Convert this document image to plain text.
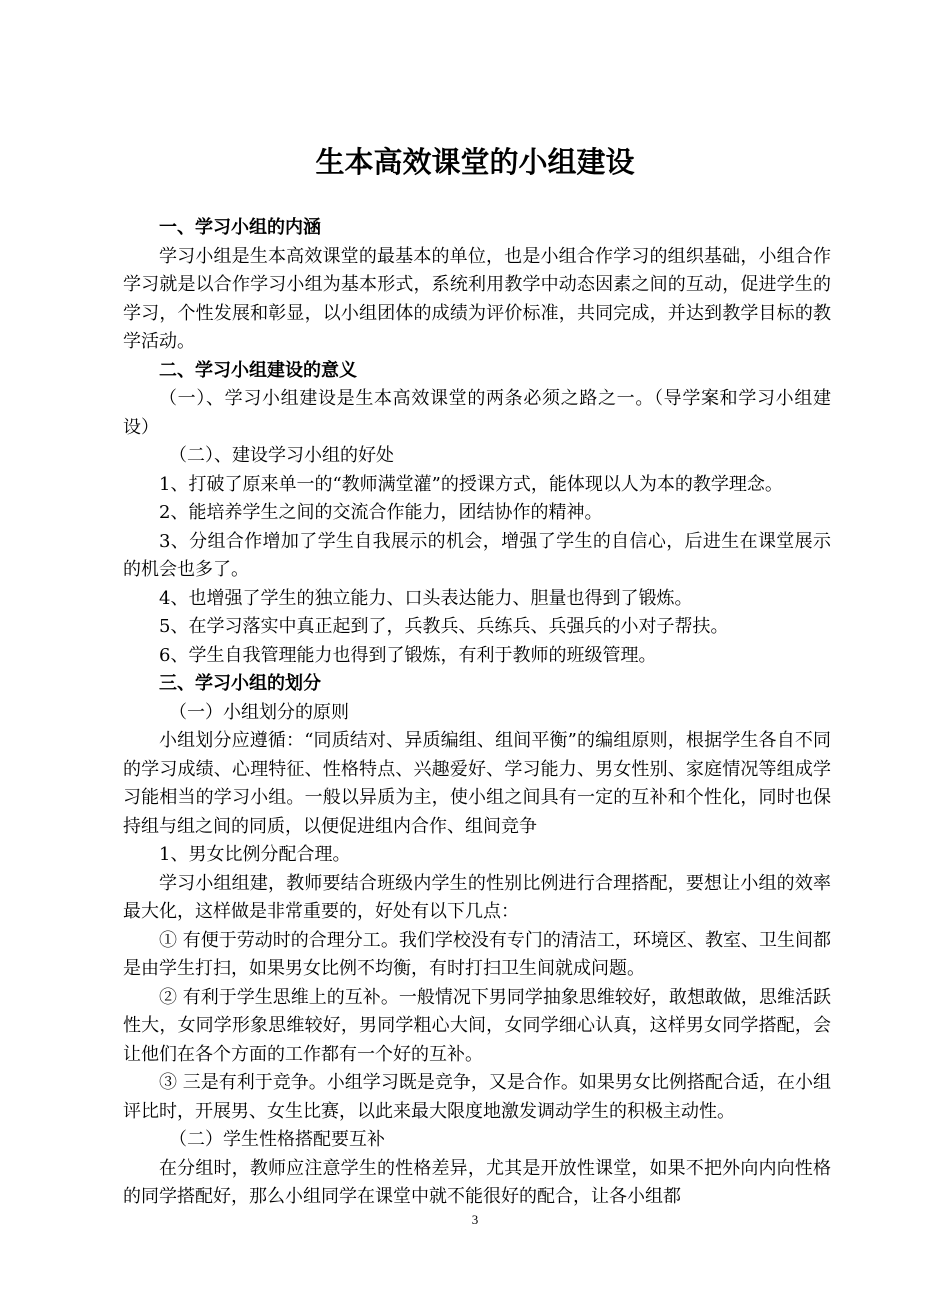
生本高效课堂的小组建设

一、学习小组的内涵

学习小组是生本高效课堂的最基本的单位，也是小组合作学习的组织基础，小组合作学习就是以合作学习小组为基本形式，系统利用教学中动态因素之间的互动，促进学生的学习，个性发展和彰显，以小组团体的成绩为评价标准，共同完成，并达到教学目标的教学活动。

二、学习小组建设的意义

（一）、学习小组建设是生本高效课堂的两条必须之路之一。（导学案和学习小组建设）

（二）、建设学习小组的好处

1、打破了原来单一的“教师满堂灌”的授课方式，能体现以人为本的教学理念。

2、能培养学生之间的交流合作能力，团结协作的精神。

3、分组合作增加了学生自我展示的机会，增强了学生的自信心，后进生在课堂展示的机会也多了。

4、也增强了学生的独立能力、口头表达能力、胆量也得到了锻炼。

5、在学习落实中真正起到了，兵教兵、兵练兵、兵强兵的小对子帮扶。

6、学生自我管理能力也得到了锻炼，有利于教师的班级管理。

三、学习小组的划分

（一）小组划分的原则

小组划分应遵循：“同质结对、异质编组、组间平衡”的编组原则，根据学生各自不同的学习成绩、心理特征、性格特点、兴趣爱好、学习能力、男女性别、家庭情况等组成学习能相当的学习小组。一般以异质为主，使小组之间具有一定的互补和个性化，同时也保持组与组之间的同质，以便促进组内合作、组间竞争

1、男女比例分配合理。

学习小组组建，教师要结合班级内学生的性别比例进行合理搭配，要想让小组的效率最大化，这样做是非常重要的，好处有以下几点：

① 有便于劳动时的合理分工。我们学校没有专门的清洁工，环境区、教室、卫生间都是由学生打扫，如果男女比例不均衡，有时打扫卫生间就成问题。

② 有利于学生思维上的互补。一般情况下男同学抽象思维较好，敢想敢做，思维活跃性大，女同学形象思维较好，男同学粗心大间，女同学细心认真，这样男女同学搭配，会让他们在各个方面的工作都有一个好的互补。

③ 三是有利于竞争。小组学习既是竞争，又是合作。如果男女比例搭配合适，在小组评比时，开展男、女生比赛，以此来最大限度地激发调动学生的积极主动性。

（二）学生性格搭配要互补

在分组时，教师应注意学生的性格差异，尤其是开放性课堂，如果不把外向内向性格的同学搭配好，那么小组同学在课堂中就不能很好的配合，让各小组都

3
